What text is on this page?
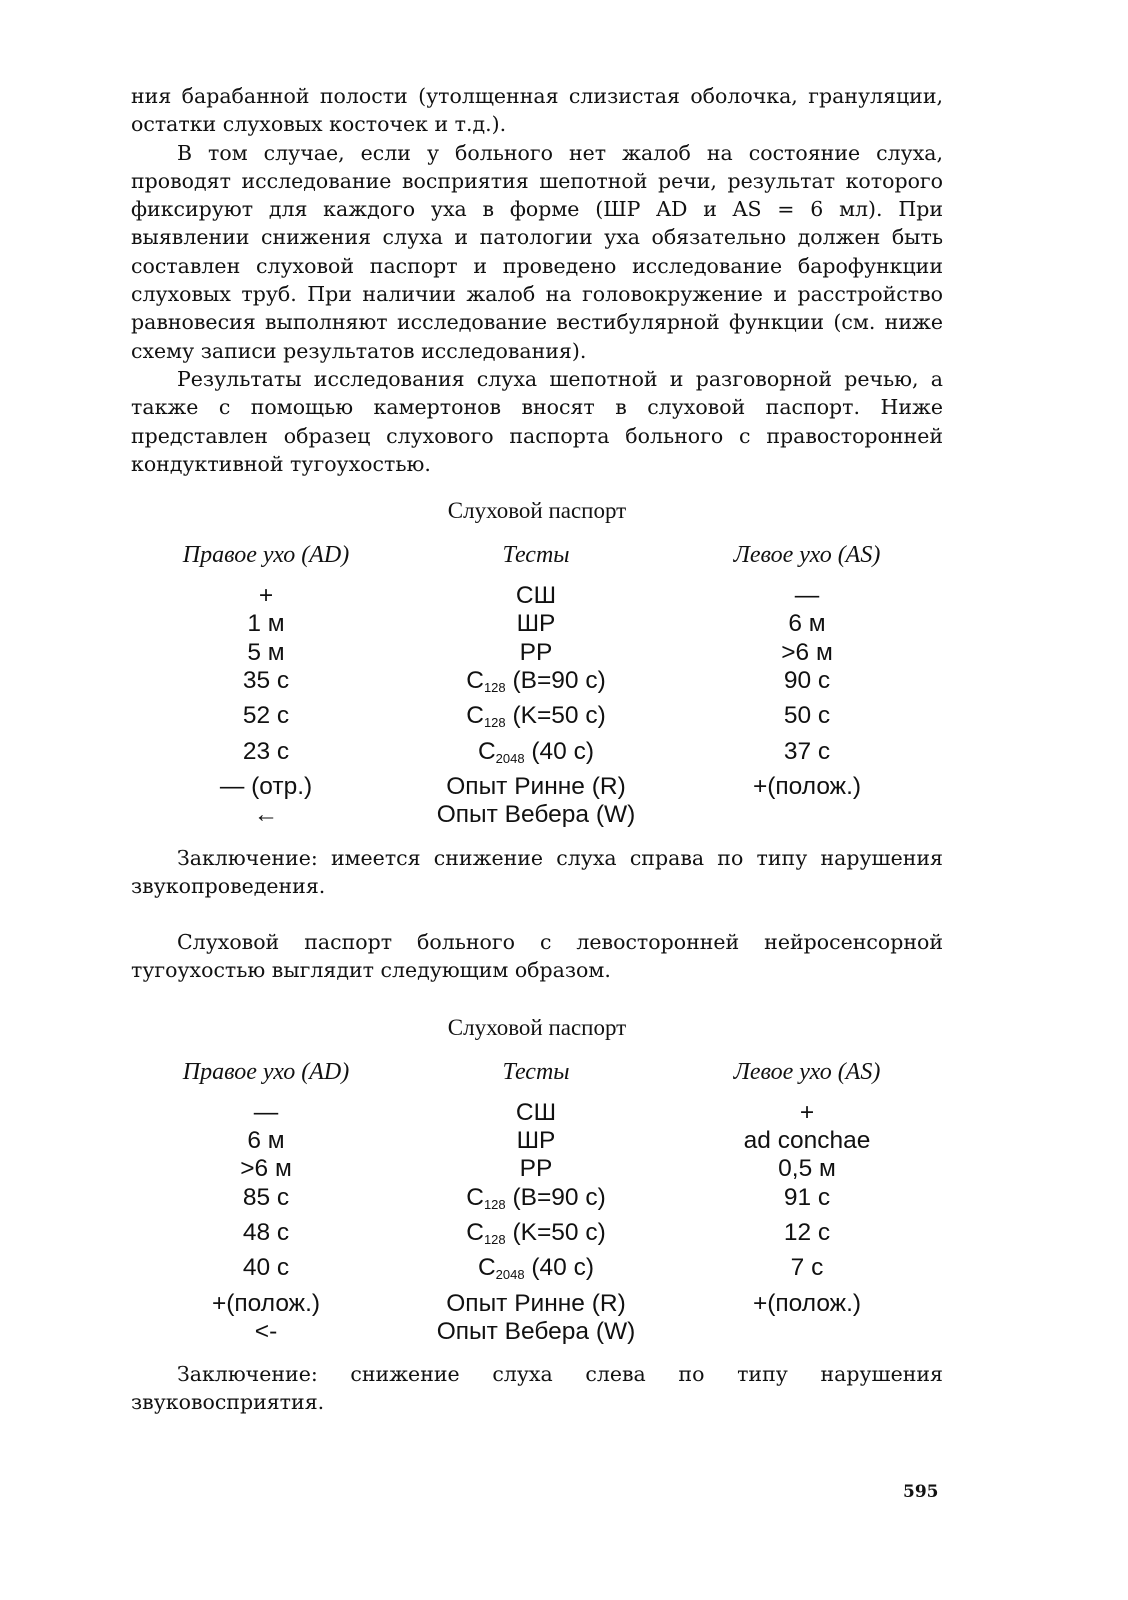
ния барабанной полости (утолщенная слизистая оболочка, грануляции, остатки слуховых косточек и т.д.).

В том случае, если у больного нет жалоб на состояние слуха, проводят исследование восприятия шепотной речи, результат которого фиксируют для каждого уха в форме (ШР AD и AS = 6 мл). При выявлении снижения слуха и патологии уха обязательно должен быть составлен слуховой паспорт и проведено исследование барофункции слуховых труб. При наличии жалоб на головокружение и расстройство равновесия выполняют исследование вестибулярной функции (см. ниже схему записи результатов исследования).

Результаты исследования слуха шепотной и разговорной речью, а также с помощью камертонов вносят в слуховой паспорт. Ниже представлен образец слухового паспорта больного с правосторонней кондуктивной тугоухостью.

Слуховой паспорт

Правое ухо (AD)	Тесты	Левое ухо (AS)
+	СШ	—
1 м	ШР	6 м
5 м	РР	>6 м
35 с	$C_{128}$ (B=90 c)	90 с
52 с	$C_{128}$ (K=50 c)	50 с
23 с	$C_{2048}$ (40 c)	37 с
— (отр.)	Опыт Ринне (R)	+(полож.)
←	Опыт Вебера (W)

Заключение: имеется снижение слуха справа по типу нарушения звукопроведения.

Слуховой паспорт больного с левосторонней нейросенсорной тугоухостью выглядит следующим образом.

Слуховой паспорт

Правое ухо (AD)	Тесты	Левое ухо (AS)
—	СШ	+
6 м	ШР	ad conchae
>6 м	РР	0,5 м
85 с	$C_{128}$ (B=90 c)	91 с
48 с	$C_{128}$ (K=50 c)	12 с
40 с	$C_{2048}$ (40 c)	7 с
+(полож.)	Опыт Ринне (R)	+(полож.)
<-	Опыт Вебера (W)

Заключение: снижение слуха слева по типу нарушения звуковосприятия.

595
